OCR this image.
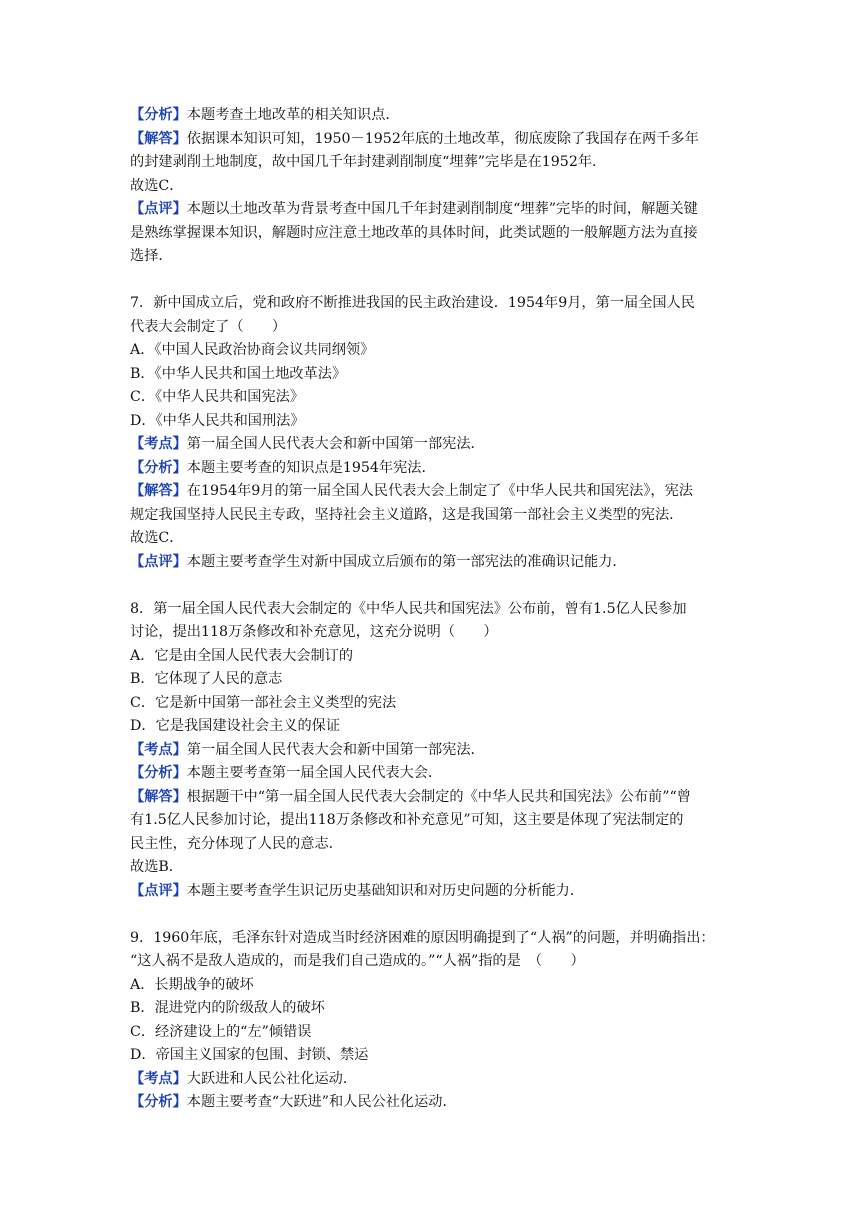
【分析】本题考查土地改革的相关知识点．
【解答】依据课本知识可知，1950－1952年底的土地改革，彻底废除了我国存在两千多年
的封建剥削土地制度，故中国几千年封建剥削制度“埋葬”完毕是在1952年．
故选C．
【点评】本题以土地改革为背景考查中国几千年封建剥削制度“埋葬”完毕的时间，解题关键
是熟练掌握课本知识，解题时应注意土地改革的具体时间，此类试题的一般解题方法为直接
选择．
7．新中国成立后，党和政府不断推进我国的民主政治建设．1954年9月，第一届全国人民
代表大会制定了（　　）
A．《中国人民政治协商会议共同纲领》
B．《中华人民共和国土地改革法》
C．《中华人民共和国宪法》
D．《中华人民共和国刑法》
【考点】第一届全国人民代表大会和新中国第一部宪法．
【分析】本题主要考查的知识点是1954年宪法．
【解答】在1954年9月的第一届全国人民代表大会上制定了《中华人民共和国宪法》，宪法
规定我国坚持人民民主专政，坚持社会主义道路，这是我国第一部社会主义类型的宪法．
故选C．
【点评】本题主要考查学生对新中国成立后颁布的第一部宪法的准确识记能力．
8．第一届全国人民代表大会制定的《中华人民共和国宪法》公布前，曾有1.5亿人民参加
讨论，提出118万条修改和补充意见，这充分说明（　　）
A．它是由全国人民代表大会制订的
B．它体现了人民的意志
C．它是新中国第一部社会主义类型的宪法
D．它是我国建设社会主义的保证
【考点】第一届全国人民代表大会和新中国第一部宪法．
【分析】本题主要考查第一届全国人民代表大会．
【解答】根据题干中“第一届全国人民代表大会制定的《中华人民共和国宪法》公布前”“曾
有1.5亿人民参加讨论，提出118万条修改和补充意见”可知，这主要是体现了宪法制定的
民主性，充分体现了人民的意志．
故选B．
【点评】本题主要考查学生识记历史基础知识和对历史问题的分析能力．
9．1960年底，毛泽东针对造成当时经济困难的原因明确提到了“人祸”的问题，并明确指出：
“这人祸不是敌人造成的，而是我们自己造成的。”“人祸”指的是　（　　）
A．长期战争的破坏
B．混进党内的阶级敌人的破坏
C．经济建设上的“左”倾错误
D．帝国主义国家的包围、封锁、禁运
【考点】大跃进和人民公社化运动．
【分析】本题主要考查“大跃进”和人民公社化运动．
